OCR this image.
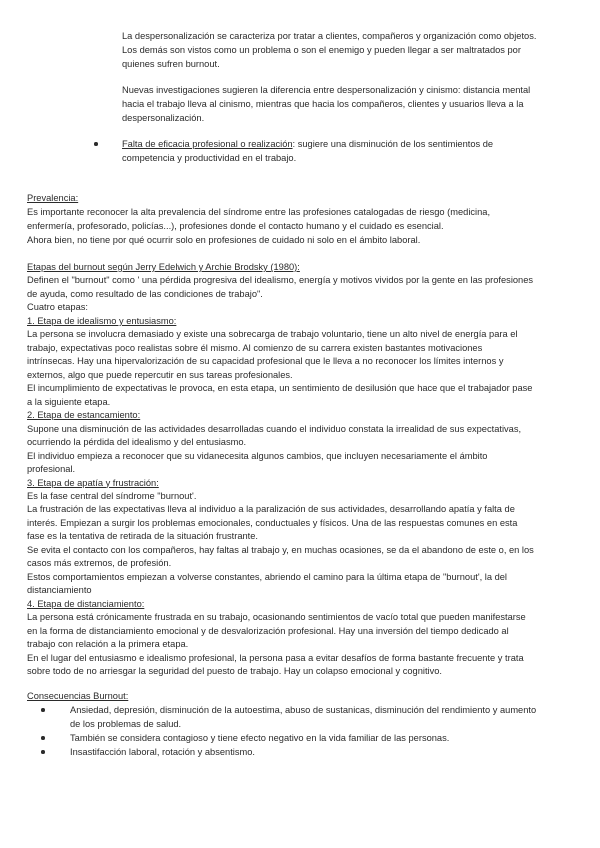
La despersonalización se caracteriza por tratar a clientes, compañeros y organización como objetos.
Los demás son vistos como un problema o son el enemigo y pueden llegar a ser maltratados por
quienes sufren burnout.
Nuevas investigaciones sugieren la diferencia entre despersonalización y cinismo: distancia mental
hacia el trabajo lleva al cinismo, mientras que hacia los compañeros, clientes y usuarios lleva a la
despersonalización.
Falta de eficacia profesional o realización: sugiere una disminución de los sentimientos de
competencia y productividad en el trabajo.
Prevalencia:
Es importante reconocer la alta prevalencia del síndrome entre las profesiones catalogadas de riesgo (medicina,
enfermería, profesorado, policías...), profesiones donde el contacto humano y el cuidado es esencial.
Ahora bien, no tiene por qué ocurrir solo en profesiones de cuidado ni solo en el ámbito laboral.
Etapas del burnout según Jerry Edelwich y Archie Brodsky (1980):
Definen el "burnout" como ' una pérdida progresiva del idealismo, energía y motivos vividos por la gente en las profesiones
de ayuda, como resultado de las condiciones de trabajo".
Cuatro etapas:
1. Etapa de idealismo y entusiasmo:
La persona se involucra demasiado y existe una sobrecarga de trabajo voluntario, tiene un alto nivel de energía para el
trabajo, expectativas poco realistas sobre él mismo. Al comienzo de su carrera existen bastantes motivaciones
intrínsecas. Hay una hipervalorización de su capacidad profesional que le lleva a no reconocer los límites internos y
externos, algo que puede repercutir en sus tareas profesionales.
El incumplimiento de expectativas le provoca, en esta etapa, un sentimiento de desilusión que hace que el trabajador pase
a la siguiente etapa.
2. Etapa de estancamiento:
Supone una disminución de las actividades desarrolladas cuando el individuo constata la irrealidad de sus expectativas,
ocurriendo la pérdida del idealismo y del entusiasmo.
El individuo empieza a reconocer que su vidanecesita algunos cambios, que incluyen necesariamente el ámbito
profesional.
3. Etapa de apatía y frustración:
Es la fase central del síndrome "burnout'.
La frustración de las expectativas lleva al individuo a la paralización de sus actividades, desarrollando apatía y falta de
interés. Empiezan a surgir los problemas emocionales, conductuales y físicos. Una de las respuestas comunes en esta
fase es la tentativa de retirada de la situación frustrante.
Se evita el contacto con los compañeros, hay faltas al trabajo y, en muchas ocasiones, se da el abandono de este o, en los
casos más extremos, de profesión.
Estos comportamientos empiezan a volverse constantes, abriendo el camino para la última etapa de "burnout', la del
distanciamiento
4. Etapa de distanciamiento:
La persona está crónicamente frustrada en su trabajo, ocasionando sentimientos de vacío total que pueden manifestarse
en la forma de distanciamiento emocional y de desvalorización profesional. Hay una inversión del tiempo dedicado al
trabajo con relación a la primera etapa.
En el lugar del entusiasmo e idealismo profesional, la persona pasa a evitar desafíos de forma bastante frecuente y trata
sobre todo de no arriesgar la seguridad del puesto de trabajo. Hay un colapso emocional y cognitivo.
Consecuencias Burnout:
Ansiedad, depresión, disminución de la autoestima, abuso de sustanicas, disminución del rendimiento y aumento
de los problemas de salud.
También se considera contagioso y tiene efecto negativo en la vida familiar de las personas.
Insastifacción laboral, rotación y absentismo.
